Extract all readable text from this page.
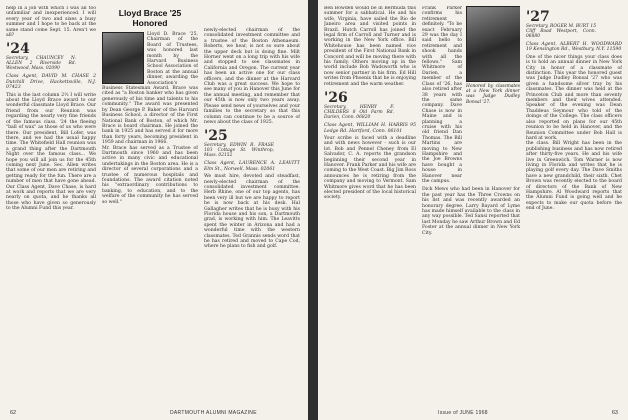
help in a job with which I was all too unfamiliar and inexperienced. I will every year of two and sixes a busy summer and I hope to be back at the same stand come Sept. 15. Aren't we all?

'24 Secretary, CHAUNCEY N. ALLEN 2 Riverside Rd. Westwood, Mass. 02090

Class Agent, DAVID M. CHASE 2 Dutchill Drive, Hackettsville, N.J. 07423

This is the last column 2½ I will write about the Lloyd Brace award to our wonderful classmate Lloyd Brace. Our friend from our Reunion was regarding the nearly very fine friends of the famous class. '24 the fleeing "ball of wax" as those of us who were there. Our president, Bill Lofer, was there, and we had the usual happy time. The Whitefield Hall reunion was a grand thing after the Dartmouth Night over the famous class... We hope you will all join us for the 45th coming next June. Sec. Allen writes that some of our men are retiring and getting ready for the fun. There are a number of men that have gone ahead. Our Class Agent, Dave Chase, is hard at work and reports that we are very nearly on quota, and he thanks all those who have given so generously to the Alumni Fund this year.

Lloyd Brace '25 Honored

Lloyd D. Brace '25, Chairman of the Board of Trustees, was honored last month by the Harvard Business School Association of Boston at the annual dinner, awarding the Association's Business Statesman Award. Brace was cited as "a Boston banker who has given generously of his time and talents to his community." The award was presented by Dean George P. Baker of the Harvard Business School, a director of the First National Bank of Boston, of which Mr. Brace is board chairman. He joined the bank in 1925 and has served it for more than forty years, becoming president in 1959 and chairman in 1966.

Mr. Brace has served as a Trustee of Dartmouth since 1960 and has been active in many civic and educational undertakings in the Boston area. He is a director of several corporations and a trustee of numerous hospitals and foundations. The award citation noted his "extraordinary contributions to banking, to education, and to the welfare of the community he has served so well."

newly-elected chairman of the consolidated investment committee and a trustee of the Boston Athenaeum. Roberts, we hear, is not so sure about the upper deck but is doing fine. Milt Horner went on a long trip with his wife and stopped to see classmates in California and Oregon. The current year has been an active one for our class officers, and the dinner at the Harvard Club was a great success. We hope to see many of you in Hanover this June for the annual meeting, and remember that our 45th is now only two years away. Please send news of yourselves and your families to the secretary so that this column can continue to be a source of news about the class of 1925.

'25 Secretary, EDWIN R. FRASE 103 Cottage St. Winthrop, Mass. 02152

Class Agent, LAURENCE A. LEAVITT Elm St., Norwell, Mass. 02061

We must hire, devoted and steadfast, newly-elected chairman of the consolidated investment committee. Herb Rhine, one of our top agents, has been very ill but we are happy to report he is now back at his desk. Hal Gallagher writes that he is busy with his Florida house and his son, a Dartmouth grad, is working with him. The Leavitts spent the winter in Arizona and had a wonderful time with the western classmates. Ted Grannis sends word that he has retired and moved to Cape Cod, where he plans to fish and golf.

62

Ben Bowden would be in Bermuda this summer for a sabbatical. He and his wife, Virginia, have sailed the Rio de Janeiro area and visited points in Brazil. Hutch Carroll has joined the legal firm of Carroll and Turner and is working in the New York office. Bill Whitehouse has been named vice president of the First National Bank in Concord and will be moving there with his family. Others moving up in the world include Bob Wadsworth who is now senior partner in his firm. Ed Hill writes from Phoenix that he is enjoying retirement and the warm weather.

'26 Secretary, HENRY F. CHILDERS 8 Old Farm Rd. Darien, Conn. 06820

Class Agent, WILLIAM H. HARRIS 95 Ledge Rd. Hartford, Conn. 06101

Your scribe is faced with a deadline and with news however - such is our lot. Bob and Pennel Cheney from El Salvador, C. A. reports the grandson beginning their second year in Hanover. Frank Parker and his wife are coming to the West Coast. Big Jim Ross announces he is retiring from the company and moving to Vermont. Sam Whitmore gives word that he has been elected president of the local historical society.

Frank Parker confirms his retirement definitely. "To be exact February 29 was the day I said hello to retirement and shook hands with all the fellows." Sam Whitmore of Darien, a member of the Class of '26, has also retired after 38 years with the same company. Dave Chase is now in Maine and is planning a cruise with his old friend Dan Thomas. The Bill Martins are moving to New Hampshire and the Joe Browns have bought a house in Hanover near the campus.

Honored by classmates at a New York dinner was Judge Dudley Bonsal '27.

Dick Mews who had been in Hanover for the past year has the Three Crowns on his list and was recently awarded an honorary degree. Larry Bayard of Lyme has made himself available to the class in any way possible. Ted Sansi reported that last Monday he saw Arthur Brown and Ed Foster at the annual dinner in New York City.

'27 Secretary, ROGER M. BURT 15 Cliff Road Westport, Conn. 06880

Class Agent, ALBERT H. WOODWARD 19 Kensington Rd., Westbury, N.Y. 11590

One of the nicer things your class does is to hold an annual dinner in New York City in honor of a classmate of distinction. This year the honored guest was Judge Dudley Bonsal '27 who was given a handsome silver tray by his classmates. The dinner was held at the Princeton Club and more than seventy members and their wives attended. Speaker of the evening was Dean Thaddeus Seymour who told of the doings of the College. The class officers also reported on plans for our 45th reunion to be held in Hanover, and the Reunion Committee under Bob Hall is hard at work.

the class. Bill Wright has been in the publishing business and has now retired after thirty-five years. He and his wife live in Greenwich. Tom Warner is now living in Florida and writes that he is playing golf every day. The Dave Smiths have a new grandchild, their sixth. Chet Brown was recently elected to the board of directors of the Bank of New Hampshire. Al Woodward reports that the Alumni Fund is going well and he expects to make our quota before the end of June.

Issue of JUNE 1968	63
DARTMOUTH ALUMNI MAGAZINE
